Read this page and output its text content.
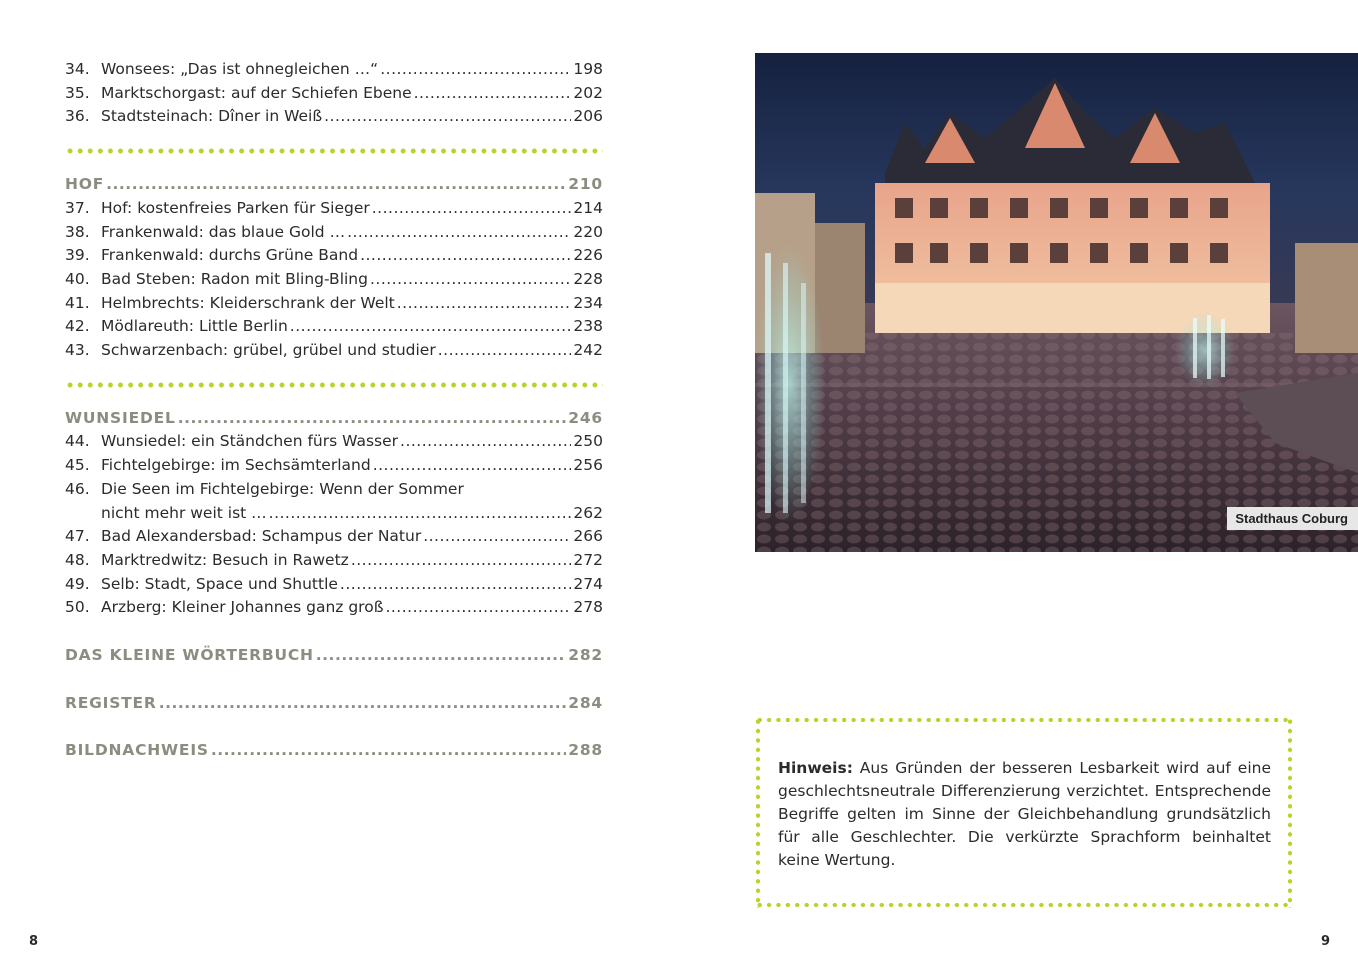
34. Wonsees: „Das ist ohnegleichen …“ .....	198
35. Marktschorgast: auf der Schiefen Ebene .....	202
36. Stadtsteinach: Dîner in Weiß .....	206
HOF .....	210
37. Hof: kostenfreies Parken für Sieger .....	214
38. Frankenwald: das blaue Gold … .....	220
39. Frankenwald: durchs Grüne Band .....	226
40. Bad Steben: Radon mit Bling-Bling .....	228
41. Helmbrechts: Kleiderschrank der Welt .....	234
42. Mödlareuth: Little Berlin .....	238
43. Schwarzenbach: grübel, grübel und studier .....	242
WUNSIEDEL .....	246
44. Wunsiedel: ein Ständchen fürs Wasser .....	250
45. Fichtelgebirge: im Sechsämterland .....	256
46. Die Seen im Fichtelgebirge: Wenn der Sommer
nicht mehr weit ist … .....	262
47. Bad Alexandersbad: Schampus der Natur .....	266
48. Marktredwitz: Besuch in Rawetz .....	272
49. Selb: Stadt, Space und Shuttle .....	274
50. Arzberg: Kleiner Johannes ganz groß .....	278
DAS KLEINE WÖRTERBUCH .....	282
REGISTER .....	284
BILDNACHWEIS .....	288
Stadthaus Coburg
Hinweis: Aus Gründen der besseren Lesbarkeit wird auf eine geschlechtsneutrale Differenzierung verzichtet. Entsprechende Begriffe gelten im Sinne der Gleichbehandlung grundsätzlich für alle Geschlechter. Die verkürzte Sprachform beinhaltet keine Wertung.
8	9
